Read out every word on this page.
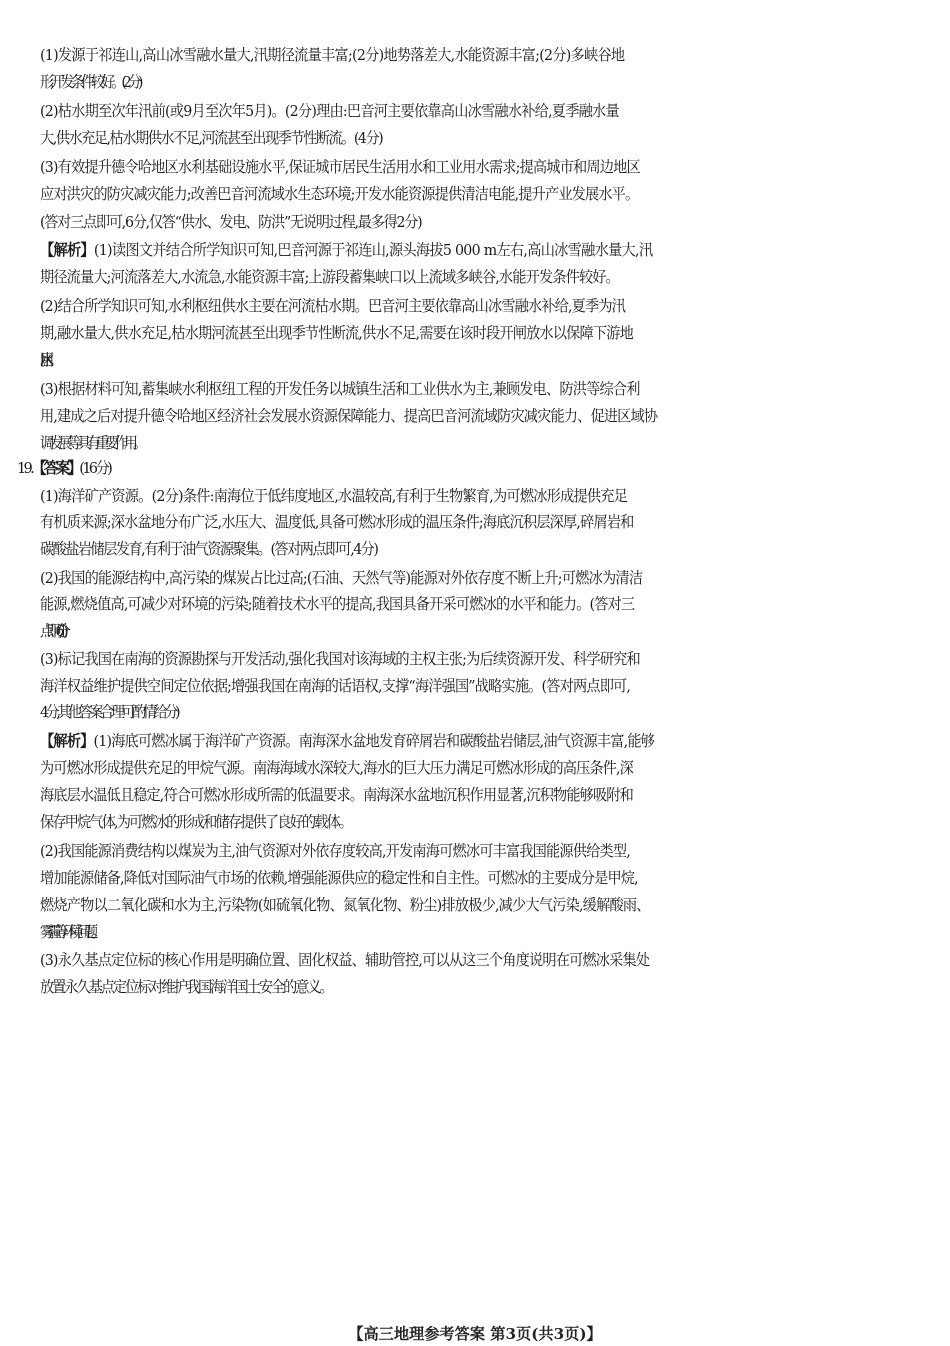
(1)发源于祁连山,高山冰雪融水量大,汛期径流量丰富;(2分)地势落差大,水能资源丰富;(2分)多峡谷地
形,开发条件较好。(2分)
(2)枯水期至次年汛前(或9月至次年5月)。(2分)理由:巴音河主要依靠高山冰雪融水补给,夏季融水量
大,供水充足,枯水期供水不足,河流甚至出现季节性断流。(4分)
(3)有效提升德令哈地区水利基础设施水平,保证城市居民生活用水和工业用水需求;提高城市和周边地区
应对洪灾的防灾减灾能力;改善巴音河流域水生态环境;开发水能资源提供清洁电能,提升产业发展水平。
(答对三点即可,6分,仅答“供水、发电、防洪”无说明过程,最多得2分)
【解析】(1)读图文并结合所学知识可知,巴音河源于祁连山,源头海拔5 000 m左右,高山冰雪融水量大,汛
期径流量大;河流落差大,水流急,水能资源丰富;上游段蓄集峡口以上流域多峡谷,水能开发条件较好。
(2)结合所学知识可知,水利枢纽供水主要在河流枯水期。巴音河主要依靠高山冰雪融水补给,夏季为汛
期,融水量大,供水充足,枯水期河流甚至出现季节性断流,供水不足,需要在该时段开闸放水以保障下游地
区用水。
(3)根据材料可知,蓄集峡水利枢纽工程的开发任务以城镇生活和工业供水为主,兼顾发电、防洪等综合利
用,建成之后对提升德令哈地区经济社会发展水资源保障能力、提高巴音河流域防灾减灾能力、促进区域协
调发展等具有重要作用。
19.【答案】(16分)
(1)海洋矿产资源。(2分)条件:南海位于低纬度地区,水温较高,有利于生物繁育,为可燃冰形成提供充足
有机质来源;深水盆地分布广泛,水压大、温度低,具备可燃冰形成的温压条件;海底沉积层深厚,碎屑岩和
碳酸盐岩储层发育,有利于油气资源聚集。(答对两点即可,4分)
(2)我国的能源结构中,高污染的煤炭占比过高;(石油、天然气等)能源对外依存度不断上升;可燃冰为清洁
能源,燃烧值高,可减少对环境的污染;随着技术水平的提高,我国具备开采可燃冰的水平和能力。(答对三
点即可,6分)
(3)标记我国在南海的资源勘探与开发活动,强化我国对该海域的主权主张;为后续资源开发、科学研究和
海洋权益维护提供空间定位依据;增强我国在南海的话语权,支撑“海洋强国”战略实施。(答对两点即可,
4分,其他答案合理可酌情给分)
【解析】(1)海底可燃冰属于海洋矿产资源。南海深水盆地发育碎屑岩和碳酸盐岩储层,油气资源丰富,能够
为可燃冰形成提供充足的甲烷气源。南海海域水深较大,海水的巨大压力满足可燃冰形成的高压条件,深
海底层水温低且稳定,符合可燃冰形成所需的低温要求。南海深水盆地沉积作用显著,沉积物能够吸附和
保存甲烷气体,为可燃冰的形成和储存提供了良好的载体。
(2)我国能源消费结构以煤炭为主,油气资源对外依存度较高,开发南海可燃冰可丰富我国能源供给类型,
增加能源储备,降低对国际油气市场的依赖,增强能源供应的稳定性和自主性。可燃冰的主要成分是甲烷,
燃烧产物以二氧化碳和水为主,污染物(如硫氧化物、氮氧化物、粉尘)排放极少,减少大气污染,缓解酸雨、
雾霾等环境问题。
(3)永久基点定位标的核心作用是明确位置、固化权益、辅助管控,可以从这三个角度说明在可燃冰采集处
放置永久基点定位标对维护我国海洋国土安全的意义。
【高三地理参考答案 第3页(共3页)】
